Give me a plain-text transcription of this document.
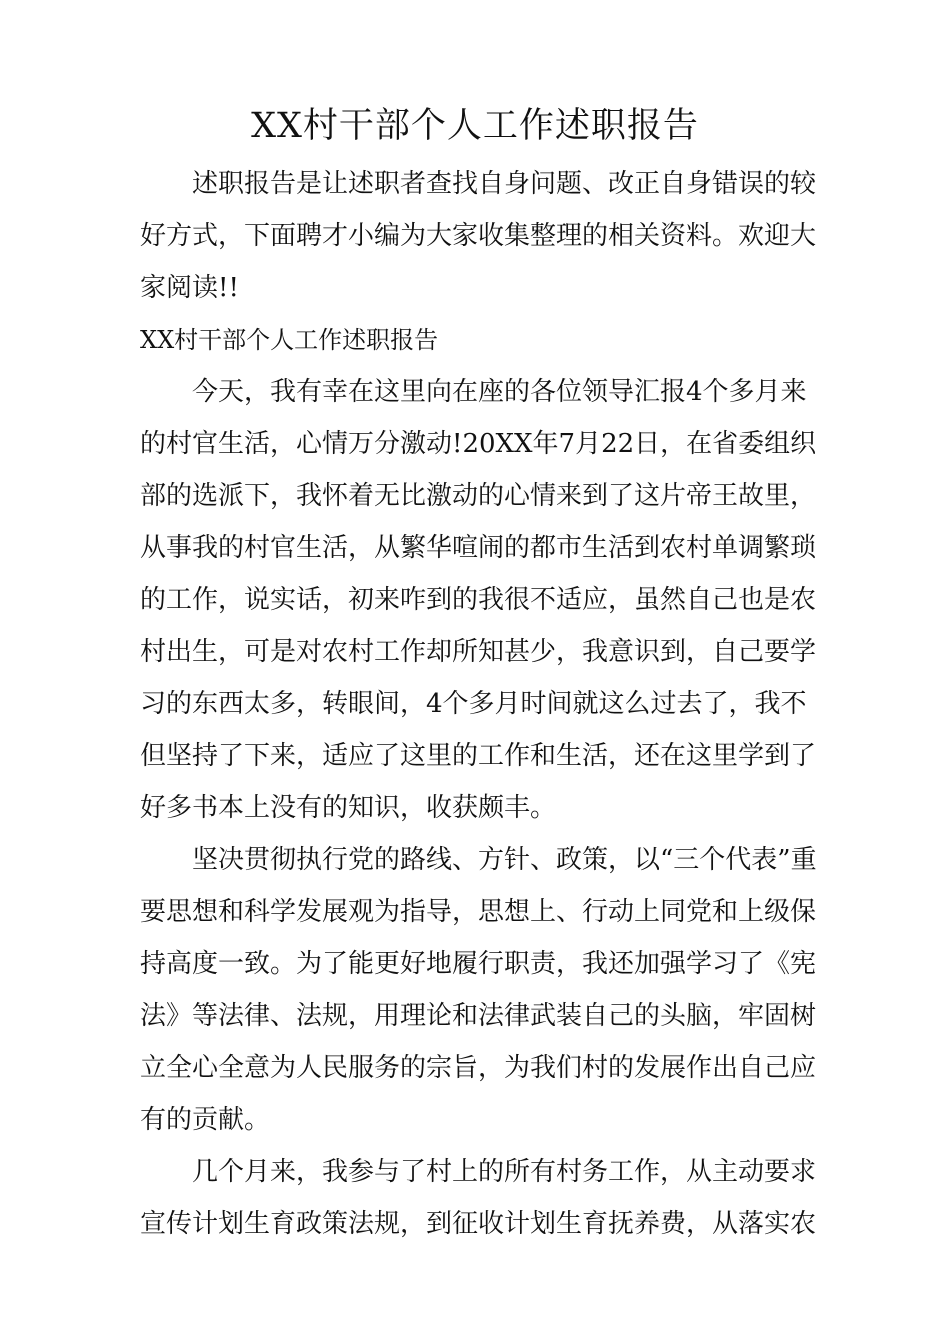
XX村干部个人工作述职报告

述职报告是让述职者查找自身问题、改正自身错误的较好方式，下面聘才小编为大家收集整理的相关资料。欢迎大家阅读!!

XX村干部个人工作述职报告

今天，我有幸在这里向在座的各位领导汇报4个多月来的村官生活，心情万分激动!20XX年7月22日，在省委组织部的选派下，我怀着无比激动的心情来到了这片帝王故里，从事我的村官生活，从繁华喧闹的都市生活到农村单调繁琐的工作，说实话，初来咋到的我很不适应，虽然自己也是农村出生，可是对农村工作却所知甚少，我意识到，自己要学习的东西太多，转眼间，4个多月时间就这么过去了，我不但坚持了下来，适应了这里的工作和生活，还在这里学到了好多书本上没有的知识，收获颇丰。

坚决贯彻执行党的路线、方针、政策，以“三个代表”重要思想和科学发展观为指导，思想上、行动上同党和上级保持高度一致。为了能更好地履行职责，我还加强学习了《宪法》等法律、法规，用理论和法律武装自己的头脑，牢固树立全心全意为人民服务的宗旨，为我们村的发展作出自己应有的贡献。

几个月来，我参与了村上的所有村务工作，从主动要求宣传计划生育政策法规，到征收计划生育抚养费，从落实农
